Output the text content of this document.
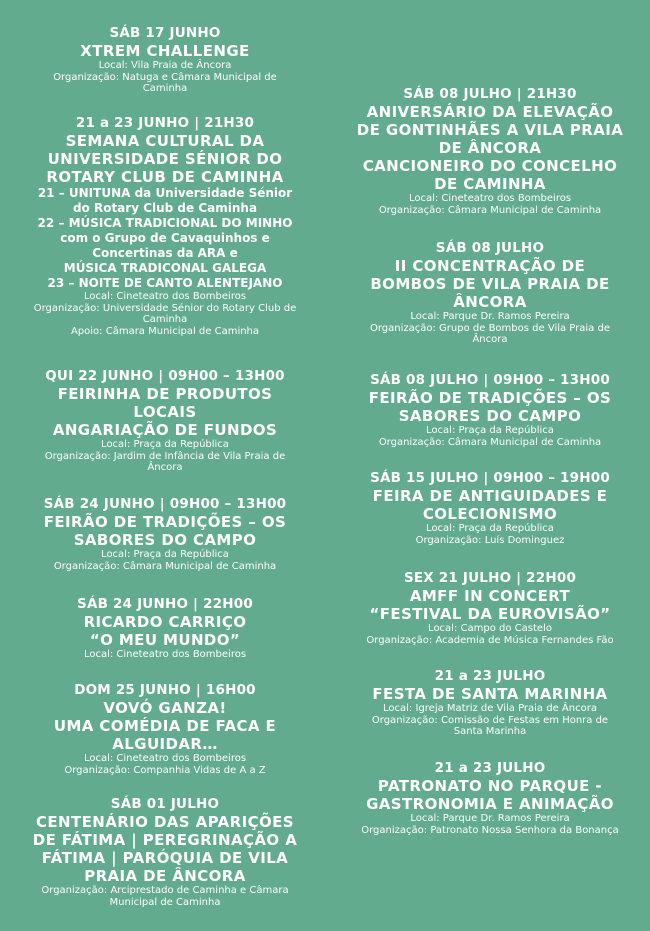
SÁB 17 JUNHO
XTREM CHALLENGE
Local: Vila Praia de Âncora
Organização: Natuga e Câmara Municipal de
Caminha
21 a 23 JUNHO | 21H30
SEMANA CULTURAL DA
UNIVERSIDADE SÉNIOR DO
ROTARY CLUB DE CAMINHA
21 – UNITUNA da Universidade Sénior
do Rotary Club de Caminha
22 – MÚSICA TRADICIONAL DO MINHO
com o Grupo de Cavaquinhos e
Concertinas da ARA e
MÚSICA TRADICONAL GALEGA
23 – NOITE DE CANTO ALENTEJANO
Local: Cineteatro dos Bombeiros
Organização: Universidade Sénior do Rotary Club de
Caminha
Apoio: Câmara Municipal de Caminha
QUI 22 JUNHO | 09H00 – 13H00
FEIRINHA DE PRODUTOS
LOCAIS
ANGARIAÇÃO DE FUNDOS
Local: Praça da República
Organização: Jardim de Infância de Vila Praia de
Âncora
SÁB 24 JUNHO | 09H00 – 13H00
FEIRÃO DE TRADIÇÕES – OS
SABORES DO CAMPO
Local: Praça da República
Organização: Câmara Municipal de Caminha
SÁB 24 JUNHO | 22H00
RICARDO CARRIÇO
“O MEU MUNDO”
Local: Cineteatro dos Bombeiros
DOM 25 JUNHO | 16H00
VOVÓ GANZA!
UMA COMÉDIA DE FACA E
ALGUIDAR…
Local: Cineteatro dos Bombeiros
Organização: Companhia Vidas de A a Z
SÁB 01 JULHO
CENTENÁRIO DAS APARIÇÕES
DE FÁTIMA | PEREGRINAÇÃO A
FÁTIMA | PARÓQUIA DE VILA
PRAIA DE ÂNCORA
Organização: Arciprestado de Caminha e Câmara
Municipal de Caminha
SÁB 08 JULHO | 21H30
ANIVERSÁRIO DA ELEVAÇÃO
DE GONTINHÃES A VILA PRAIA
DE ÂNCORA
CANCIONEIRO DO CONCELHO
DE CAMINHA
Local: Cineteatro dos Bombeiros
Organização: Câmara Municipal de Caminha
SÁB 08 JULHO
II CONCENTRAÇÃO DE
BOMBOS DE VILA PRAIA DE
ÂNCORA
Local: Parque Dr. Ramos Pereira
Organização: Grupo de Bombos de Vila Praia de
Âncora
SÁB 08 JULHO | 09H00 – 13H00
FEIRÃO DE TRADIÇÕES – OS
SABORES DO CAMPO
Local: Praça da República
Organização: Câmara Municipal de Caminha
SÁB 15 JULHO | 09H00 – 19H00
FEIRA DE ANTIGUIDADES E
COLECIONISMO
Local: Praça da República
Organização: Luís Dominguez
SEX 21 JULHO | 22H00
AMFF IN CONCERT
“FESTIVAL DA EUROVISÃO”
Local: Campo do Castelo
Organização: Academia de Música Fernandes Fão
21 a 23 JULHO
FESTA DE SANTA MARINHA
Local: Igreja Matriz de Vila Praia de Âncora
Organização: Comissão de Festas em Honra de
Santa Marinha
21 a 23 JULHO
PATRONATO NO PARQUE -
GASTRONOMIA E ANIMAÇÃO
Local: Parque Dr. Ramos Pereira
Organização: Patronato Nossa Senhora da Bonança
